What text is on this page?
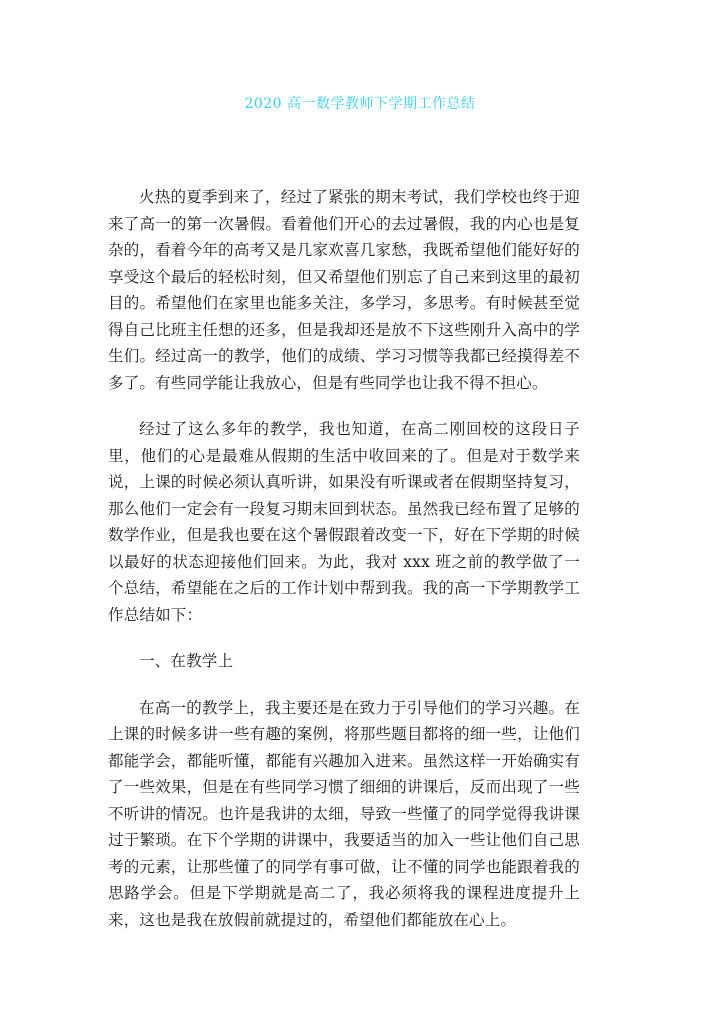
2020 高一数学教师下学期工作总结

火热的夏季到来了，经过了紧张的期末考试，我们学校也终于迎来了高一的第一次暑假。看着他们开心的去过暑假，我的内心也是复杂的，看着今年的高考又是几家欢喜几家愁，我既希望他们能好好的享受这个最后的轻松时刻，但又希望他们别忘了自己来到这里的最初目的。希望他们在家里也能多关注，多学习，多思考。有时候甚至觉得自己比班主任想的还多，但是我却还是放不下这些刚升入高中的学生们。经过高一的教学，他们的成绩、学习习惯等我都已经摸得差不多了。有些同学能让我放心，但是有些同学也让我不得不担心。

经过了这么多年的教学，我也知道，在高二刚回校的这段日子里，他们的心是最难从假期的生活中收回来的了。但是对于数学来说，上课的时候必须认真听讲，如果没有听课或者在假期坚持复习，那么他们一定会有一段复习期末回到状态。虽然我已经布置了足够的数学作业，但是我也要在这个暑假跟着改变一下，好在下学期的时候以最好的状态迎接他们回来。为此，我对 xxx 班之前的教学做了一个总结，希望能在之后的工作计划中帮到我。我的高一下学期教学工作总结如下：

一、在教学上

在高一的教学上，我主要还是在致力于引导他们的学习兴趣。在上课的时候多讲一些有趣的案例，将那些题目都将的细一些，让他们都能学会，都能听懂，都能有兴趣加入进来。虽然这样一开始确实有了一些效果，但是在有些同学习惯了细细的讲课后，反而出现了一些不听讲的情况。也许是我讲的太细，导致一些懂了的同学觉得我讲课过于繁琐。在下个学期的讲课中，我要适当的加入一些让他们自己思考的元素，让那些懂了的同学有事可做，让不懂的同学也能跟着我的思路学会。但是下学期就是高二了，我必须将我的课程进度提升上来，这也是我在放假前就提过的，希望他们都能放在心上。
